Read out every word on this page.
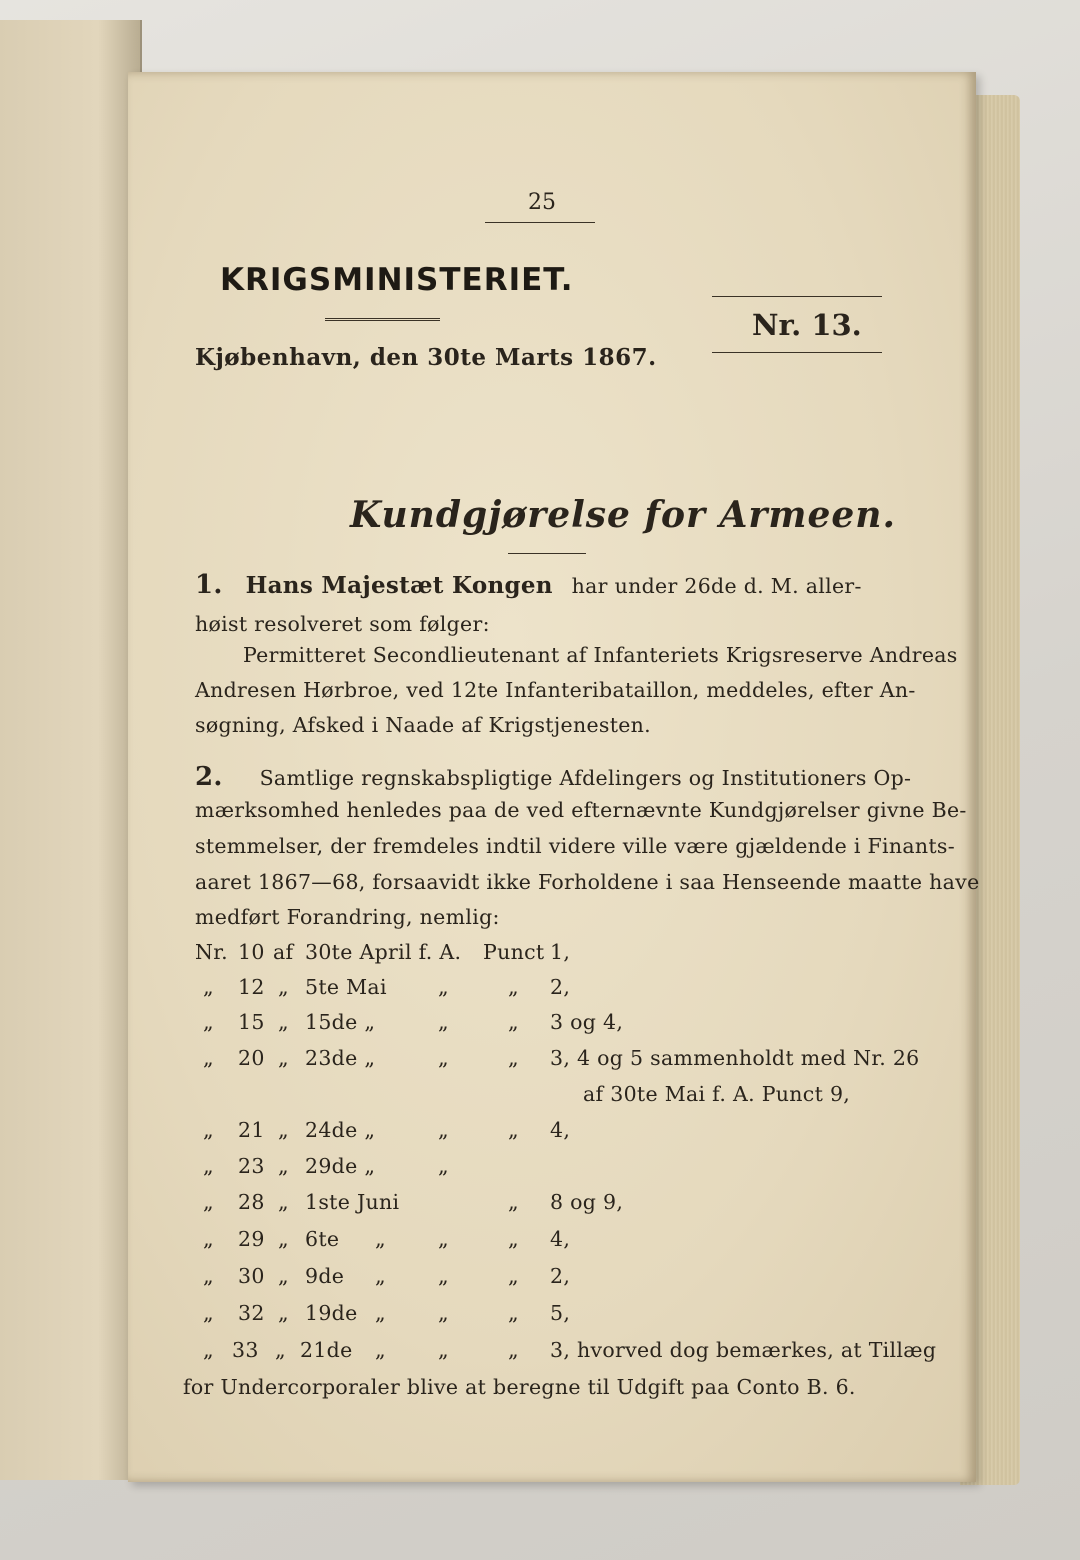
25
KRIGSMINISTERIET.
Nr. 13.
Kjøbenhavn, den 30te Marts 1867.
Kundgjørelse for Armeen.
1. Hans Majestæt Kongen har under 26de d. M. aller-
høist resolveret som følger:
Permitteret Secondlieutenant af Infanteriets Krigsreserve Andreas
Andresen Hørbroe, ved 12te Infanteribataillon, meddeles, efter An-
søgning, Afsked i Naade af Krigstjenesten.
2. Samtlige regnskabspligtige Afdelingers og Institutioners Op-
mærksomhed henledes paa de ved efternævnte Kundgjørelser givne Be-
stemmelser, der fremdeles indtil videre ville være gjældende i Finants-
aaret 1867—68, forsaavidt ikke Forholdene i saa Henseende maatte have
medført Forandring, nemlig:
Nr. 10 af 30te April f. A. Punct 1,
„ 12 „ 5te Mai „	„ 2,
„ 15 „ 15de „	„	„ 3 og 4,
„ 20 „ 23de „	„	„ 3, 4 og 5 sammenholdt med Nr. 26
af 30te Mai f. A. Punct 9,
„ 21 „ 24de „	„	„ 4,
„ 23 „ 29de „	„
„ 28 „ 1ste Juni	„ 8 og 9,
„ 29 „ 6te „	„	„ 4,
„ 30 „ 9de „	„	„ 2,
„ 32 „ 19de „	„	„ 5,
„ 33 „ 21de „	„	„ 3, hvorved dog bemærkes, at Tillæg
for Undercorporaler blive at beregne til Udgift paa Conto B. 6.
